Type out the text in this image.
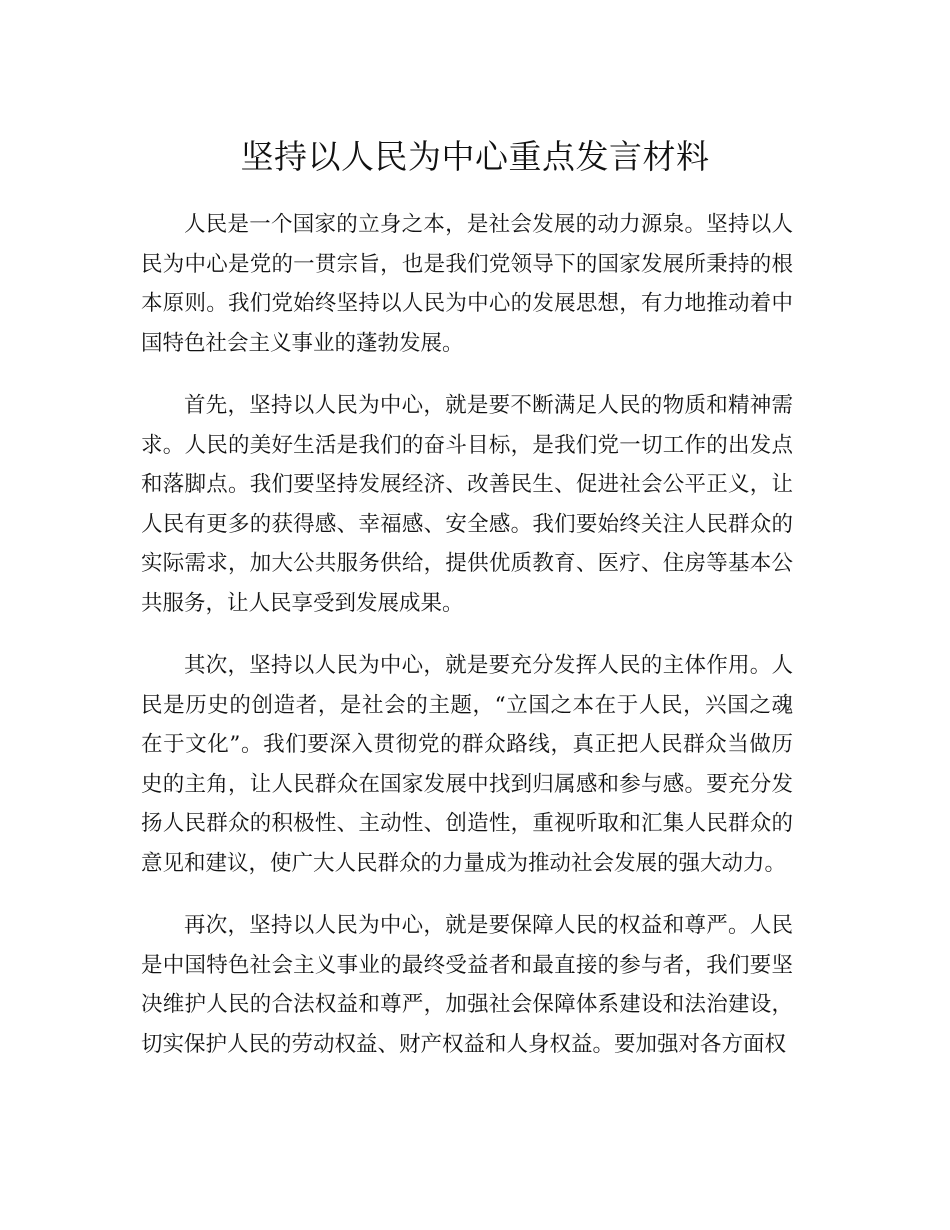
坚持以人民为中心重点发言材料

人民是一个国家的立身之本，是社会发展的动力源泉。坚持以人民为中心是党的一贯宗旨，也是我们党领导下的国家发展所秉持的根本原则。我们党始终坚持以人民为中心的发展思想，有力地推动着中国特色社会主义事业的蓬勃发展。

首先，坚持以人民为中心，就是要不断满足人民的物质和精神需求。人民的美好生活是我们的奋斗目标，是我们党一切工作的出发点和落脚点。我们要坚持发展经济、改善民生、促进社会公平正义，让人民有更多的获得感、幸福感、安全感。我们要始终关注人民群众的实际需求，加大公共服务供给，提供优质教育、医疗、住房等基本公共服务，让人民享受到发展成果。

其次，坚持以人民为中心，就是要充分发挥人民的主体作用。人民是历史的创造者，是社会的主题，“立国之本在于人民，兴国之魂在于文化”。我们要深入贯彻党的群众路线，真正把人民群众当做历史的主角，让人民群众在国家发展中找到归属感和参与感。要充分发扬人民群众的积极性、主动性、创造性，重视听取和汇集人民群众的意见和建议，使广大人民群众的力量成为推动社会发展的强大动力。

再次，坚持以人民为中心，就是要保障人民的权益和尊严。人民是中国特色社会主义事业的最终受益者和最直接的参与者，我们要坚决维护人民的合法权益和尊严，加强社会保障体系建设和法治建设，切实保护人民的劳动权益、财产权益和人身权益。要加强对各方面权
